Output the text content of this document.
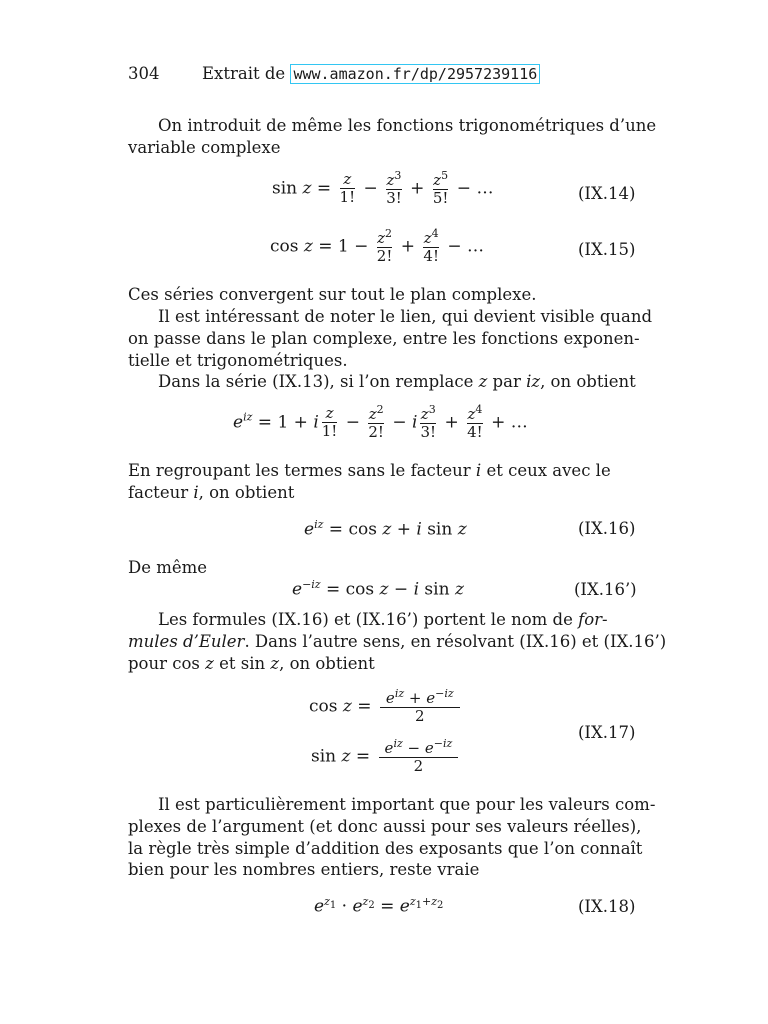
304	Extrait de www.amazon.fr/dp/2957239116
On introduit de même les fonctions trigonométriques d’une
variable complexe
$\sin z = \frac{z}{1!} - \frac{z^3}{3!} + \frac{z^5}{5!}$ − …	(IX.14)
$\cos z = 1 - \frac{z^2}{2!} + \frac{z^4}{4!}$ − …	(IX.15)
Ces séries convergent sur tout le plan complexe.
Il est intéressant de noter le lien, qui devient visible quand
on passe dans le plan complexe, entre les fonctions exponen-
tielle et trigonométriques.
Dans la série (IX.13), si l’on remplace z par iz, on obtient
$e^{iz} = 1 + i \frac{z}{1!} - \frac{z^2}{2!} - i \frac{z^3}{3!} + \frac{z^4}{4!}$ + …
En regroupant les termes sans le facteur i et ceux avec le
facteur i, on obtient
$e^{iz} = \cos z + i$ sin z	(IX.16)
De même
$e^{-iz} = \cos z - i$ sin z	(IX.16’)
Les formules (IX.16) et (IX.16’) portent le nom de for-
mules d’Euler. Dans l’autre sens, en résolvant (IX.16) et (IX.16’)
pour cos z et sin z, on obtient
$\cos z = \frac{e^{iz} + e^{-iz}}{2}$
$\sin z = \frac{e^{iz} - e^{-iz}}{2}$
(IX.17)
Il est particulièrement important que pour les valeurs com-
plexes de l’argument (et donc aussi pour ses valeurs réelles),
la règle très simple d’addition des exposants que l’on connaît
bien pour les nombres entiers, reste vraie
$e^{z_1} \cdot e^{z_2} = e^{z_1+z_2}$	(IX.18)
